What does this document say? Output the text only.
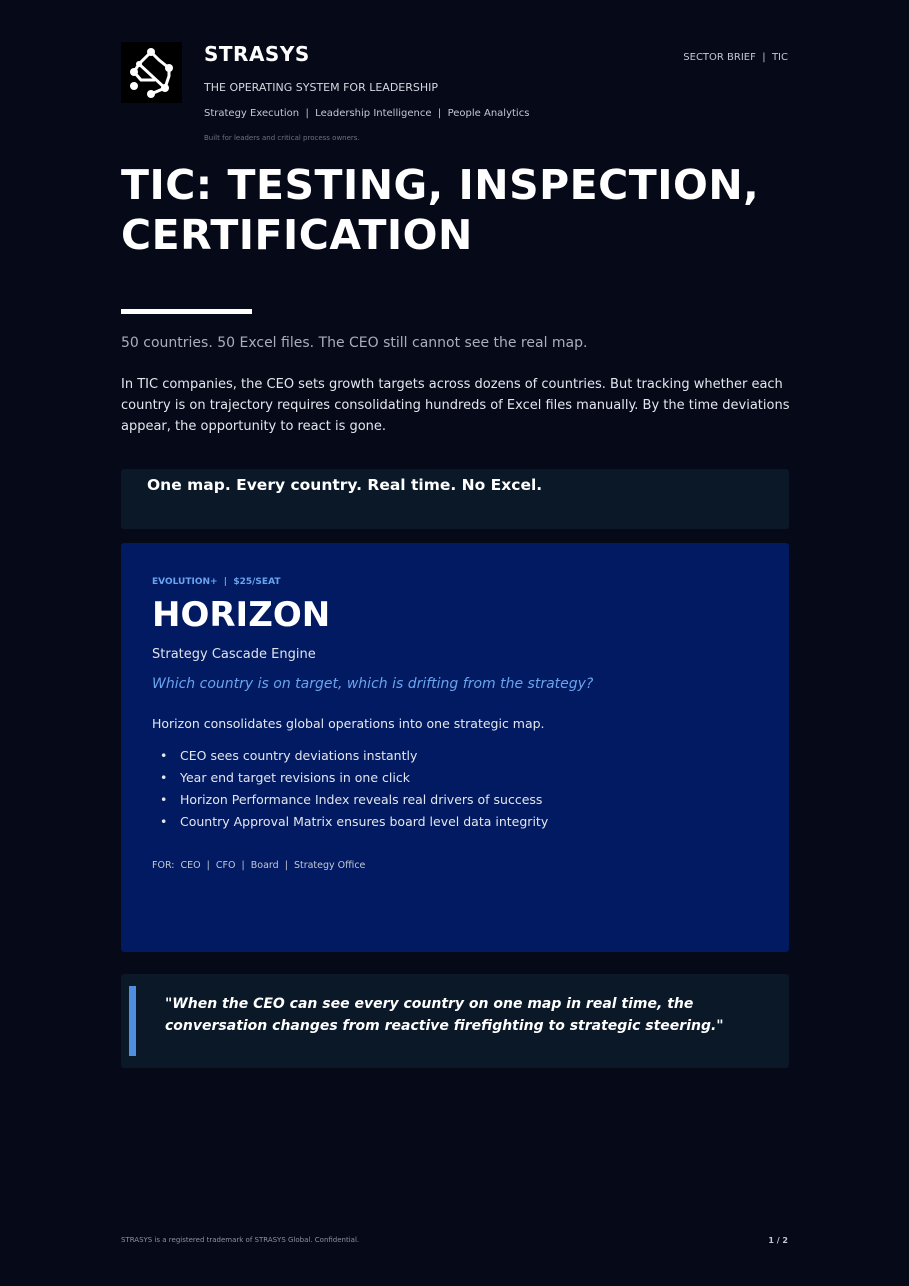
STRASYS
THE OPERATING SYSTEM FOR LEADERSHIP
Strategy Execution  |  Leadership Intelligence  |  People Analytics
Built for leaders and critical process owners.
SECTOR BRIEF  |  TIC
TIC: TESTING, INSPECTION, CERTIFICATION
50 countries. 50 Excel files. The CEO still cannot see the real map.
In TIC companies, the CEO sets growth targets across dozens of countries. But tracking whether each country is on trajectory requires consolidating hundreds of Excel files manually. By the time deviations appear, the opportunity to react is gone.
One map. Every country. Real time. No Excel.
EVOLUTION+  |  $25/SEAT
HORIZON
Strategy Cascade Engine
Which country is on target, which is drifting from the strategy?
Horizon consolidates global operations into one strategic map.
• CEO sees country deviations instantly
• Year end target revisions in one click
• Horizon Performance Index reveals real drivers of success
• Country Approval Matrix ensures board level data integrity
FOR:  CEO  |  CFO  |  Board  |  Strategy Office

"When the CEO can see every country on one map in real time, the conversation changes from reactive firefighting to strategic steering."

STRASYS is a registered trademark of STRASYS Global. Confidential.	1 / 2
